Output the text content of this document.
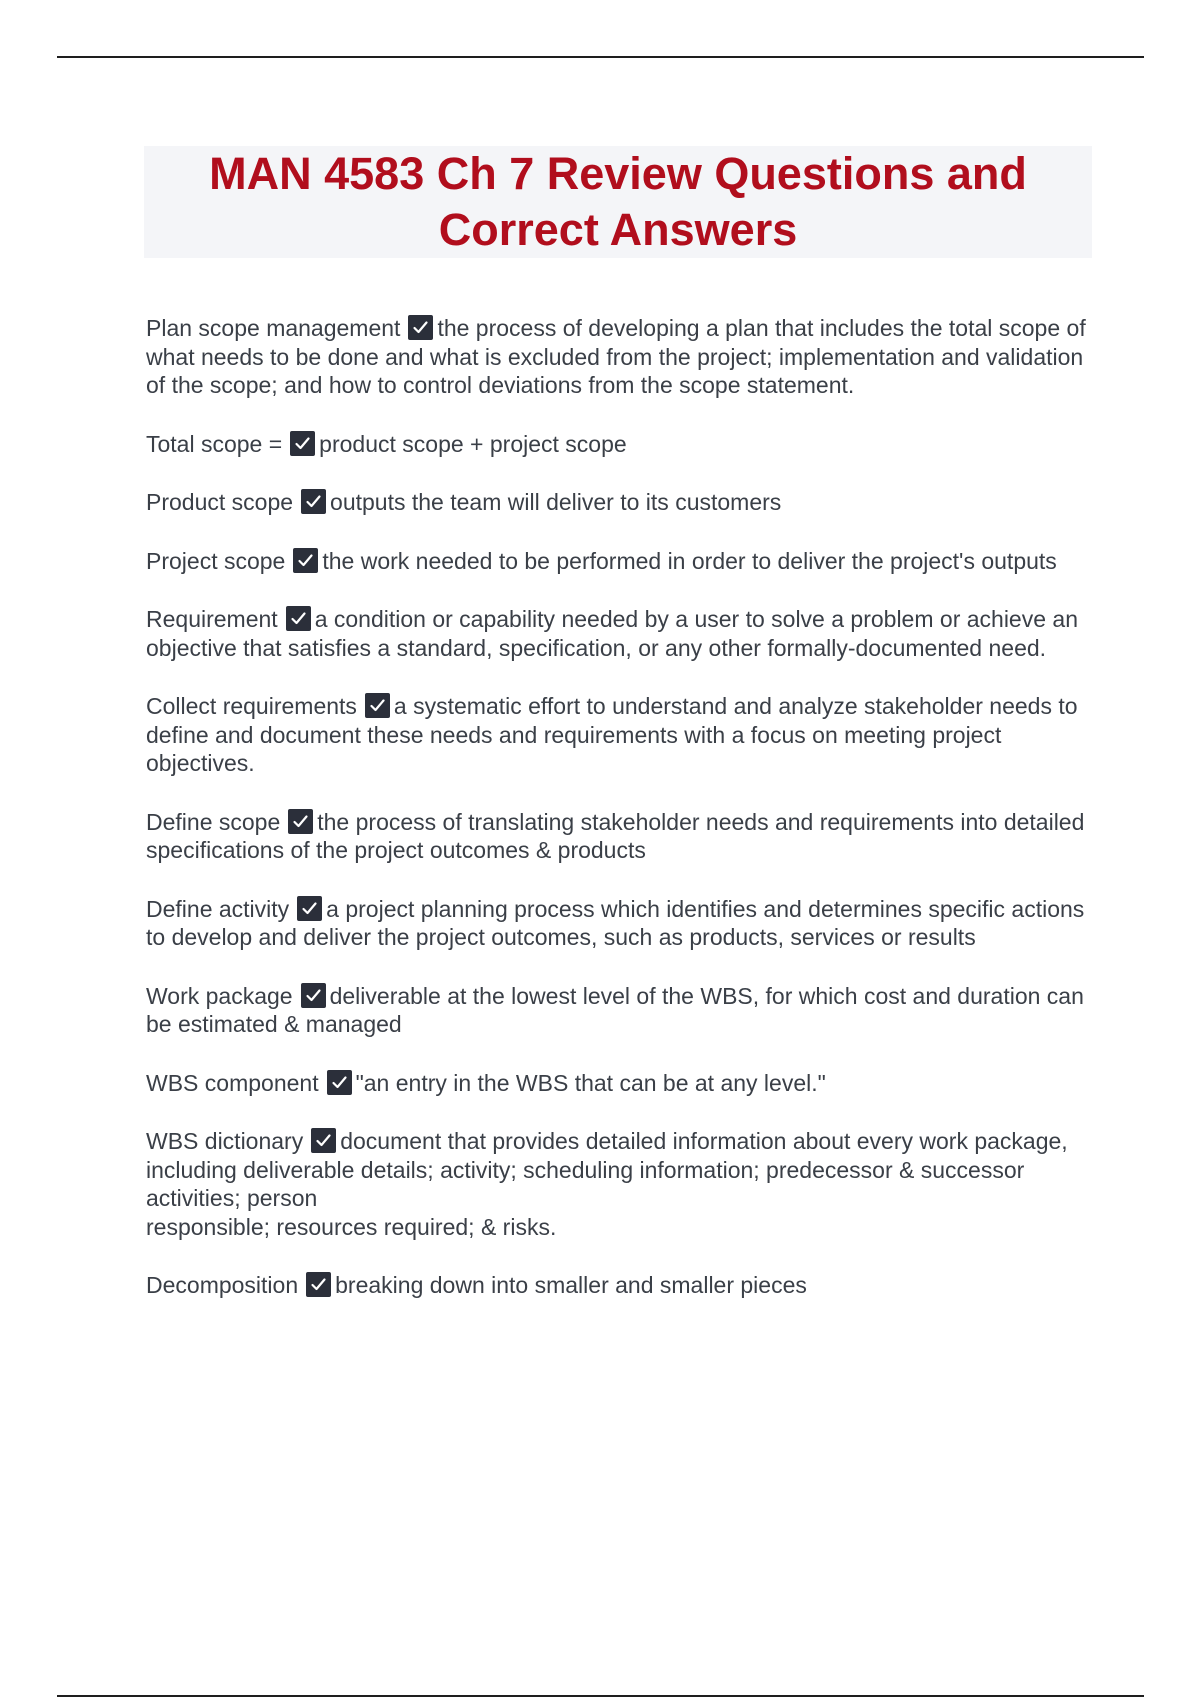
MAN 4583 Ch 7 Review Questions and Correct Answers

Plan scope management the process of developing a plan that includes the total scope of what needs to be done and what is excluded from the project; implementation and validation of the scope; and how to control deviations from the scope statement.

Total scope = product scope + project scope

Product scope outputs the team will deliver to its customers

Project scope the work needed to be performed in order to deliver the project's outputs

Requirement a condition or capability needed by a user to solve a problem or achieve an objective that satisfies a standard, specification, or any other formally-documented need.

Collect requirements a systematic effort to understand and analyze stakeholder needs to define and document these needs and requirements with a focus on meeting project objectives.

Define scope the process of translating stakeholder needs and requirements into detailed specifications of the project outcomes & products

Define activity a project planning process which identifies and determines specific actions to develop and deliver the project outcomes, such as products, services or results

Work package deliverable at the lowest level of the WBS, for which cost and duration can be estimated & managed

WBS component "an entry in the WBS that can be at any level."

WBS dictionary document that provides detailed information about every work package, including deliverable details; activity; scheduling information; predecessor & successor activities; person
responsible; resources required; & risks.

Decomposition breaking down into smaller and smaller pieces
